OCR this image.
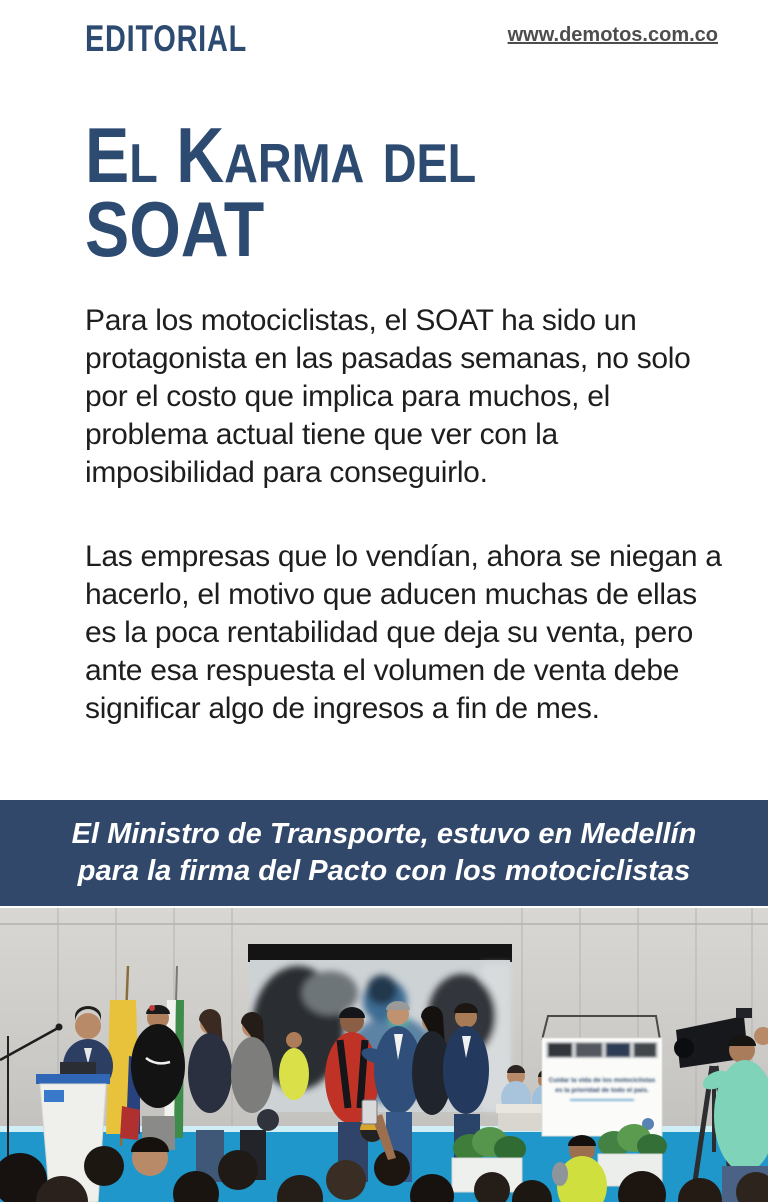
EDITORIAL	www.demotos.com.co
El Karma del
SOAT

Para los motociclistas, el SOAT ha sido un protagonista en las pasadas semanas, no solo por el costo que implica para muchos, el problema actual tiene que ver con la imposibilidad para conseguirlo.

Las empresas que lo vendían, ahora se niegan a hacerlo, el motivo que aducen muchas de ellas es la poca rentabilidad que deja su venta, pero ante esa respuesta el volumen de venta debe significar algo de ingresos a fin de mes.

El Ministro de Transporte, estuvo en Medellín
para la firma del Pacto con los motociclistas
Cuidar la vida de los motociclistas
es la prioridad de todo el país.
